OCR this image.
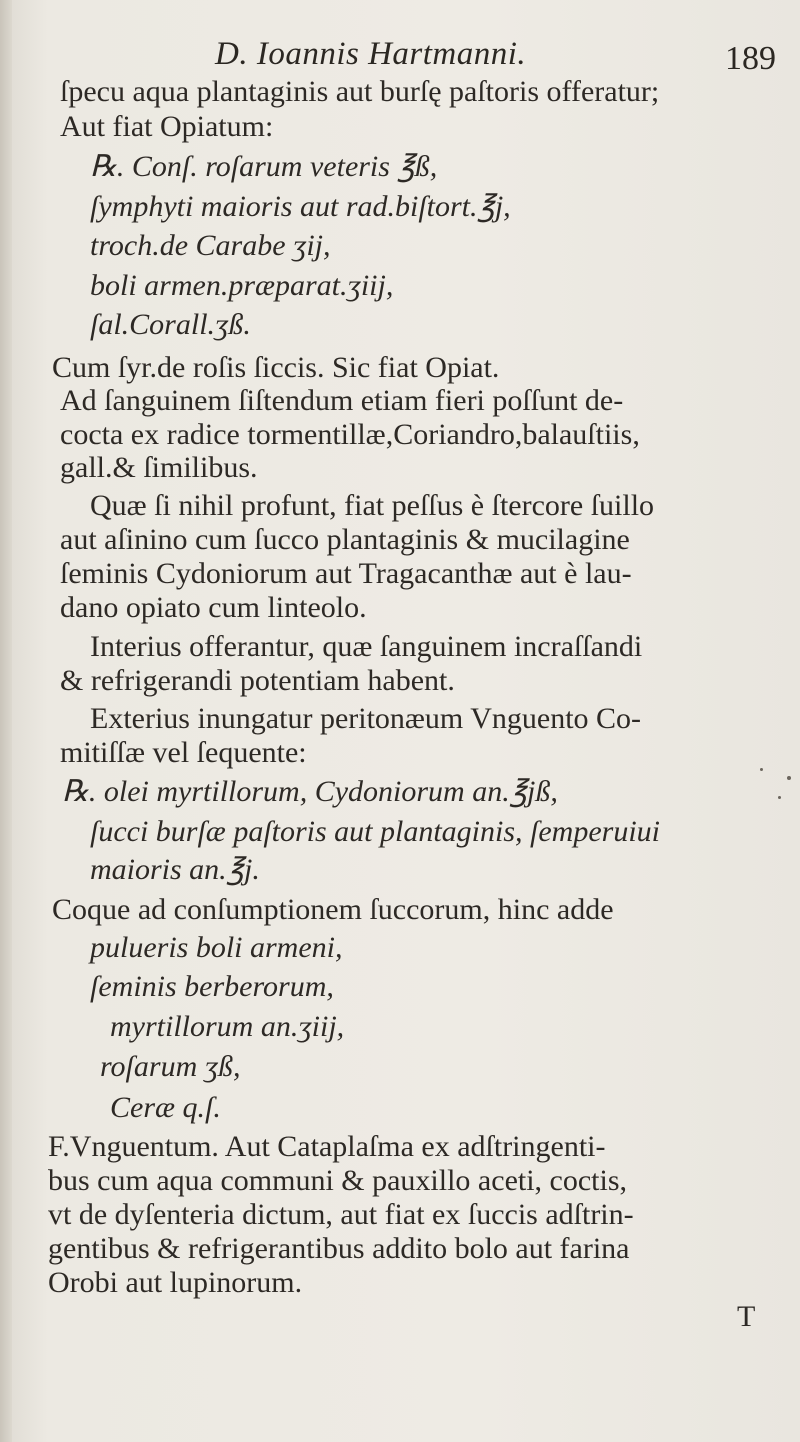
D. Ioannis Hartmanni.	189
ſpecu aqua plantaginis aut burſę paſtoris offeratur;
Aut fiat Opiatum:
℞. Conſ. roſarum veteris ℥ß,
ſymphyti maioris aut rad.biſtort.℥j,
troch.de Carabe ʒij,
boli armen.præparat.ʒiij,
ſal.Corall.ʒß.
Cum ſyr.de roſis ſiccis. Sic fiat Opiat.
Ad ſanguinem ſiſtendum etiam fieri poſſunt de-
cocta ex radice tormentillæ,Coriandro,balauſtiis,
gall.& ſimilibus.
Quæ ſi nihil profunt, fiat peſſus è ſtercore ſuillo
aut aſinino cum ſucco plantaginis & mucilagine
ſeminis Cydoniorum aut Tragacanthæ aut è lau-
dano opiato cum linteolo.
Interius offerantur, quæ ſanguinem incraſſandi
& refrigerandi potentiam habent.
Exterius inungatur peritonæum Vnguento Co-
mitiſſæ vel ſequente:
℞. olei myrtillorum, Cydoniorum an.℥jß,
ſucci burſæ paſtoris aut plantaginis, ſemperuiui
maioris an.℥j.
Coque ad conſumptionem ſuccorum, hinc adde
pulueris boli armeni,
ſeminis berberorum,
myrtillorum an.ʒiij,
roſarum ʒß,
Ceræ q.ſ.
F.Vnguentum. Aut Cataplaſma ex adſtringenti-
bus cum aqua communi & pauxillo aceti, coctis,
vt de dyſenteria dictum, aut fiat ex ſuccis adſtrin-
gentibus & refrigerantibus addito bolo aut farina
Orobi aut lupinorum.
T
